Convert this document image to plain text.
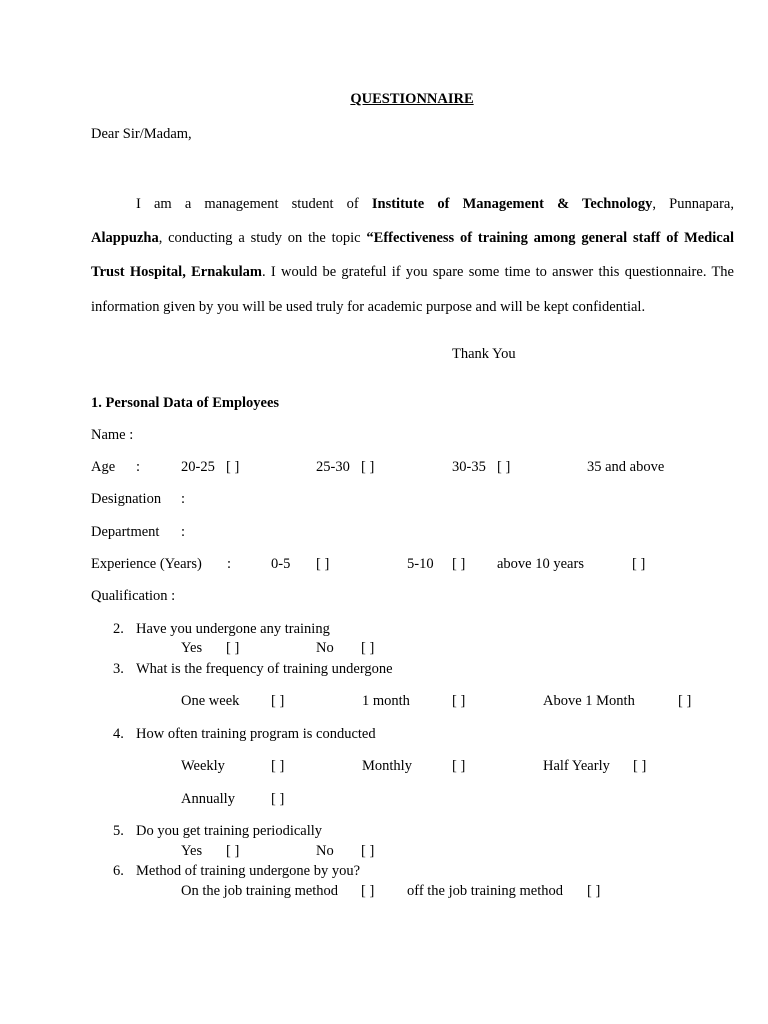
QUESTIONNAIRE
Dear Sir/Madam,
I am a management student of Institute of Management & Technology, Punnapara,
Alappuzha, conducting a study on the topic “Effectiveness of training among general staff of Medical
Trust Hospital, Ernakulam. I would be grateful if you spare some time to answer this questionnaire. The
information given by you will be used truly for academic purpose and will be kept confidential.
Thank You
1. Personal Data of Employees
Name :
Age :	20-25 [ ]	25-30 [ ]	30-35 [ ]	35 and above
Designation :
Department :
Experience (Years) :	0-5 [ ]	5-10 [ ] above 10 years	[ ]
Qualification :
2. Have you undergone any training
Yes [ ]	No [ ]
3. What is the frequency of training undergone
One week [ ]	1 month	[ ]	Above 1 Month	[ ]
4. How often training program is conducted
Weekly	[ ]	Monthly	[ ]	Half Yearly [ ]
Annually [ ]
5. Do you get training periodically
Yes [ ]	No [ ]
6. Method of training undergone by you?
On the job training method [ ] off the job training method [ ]
